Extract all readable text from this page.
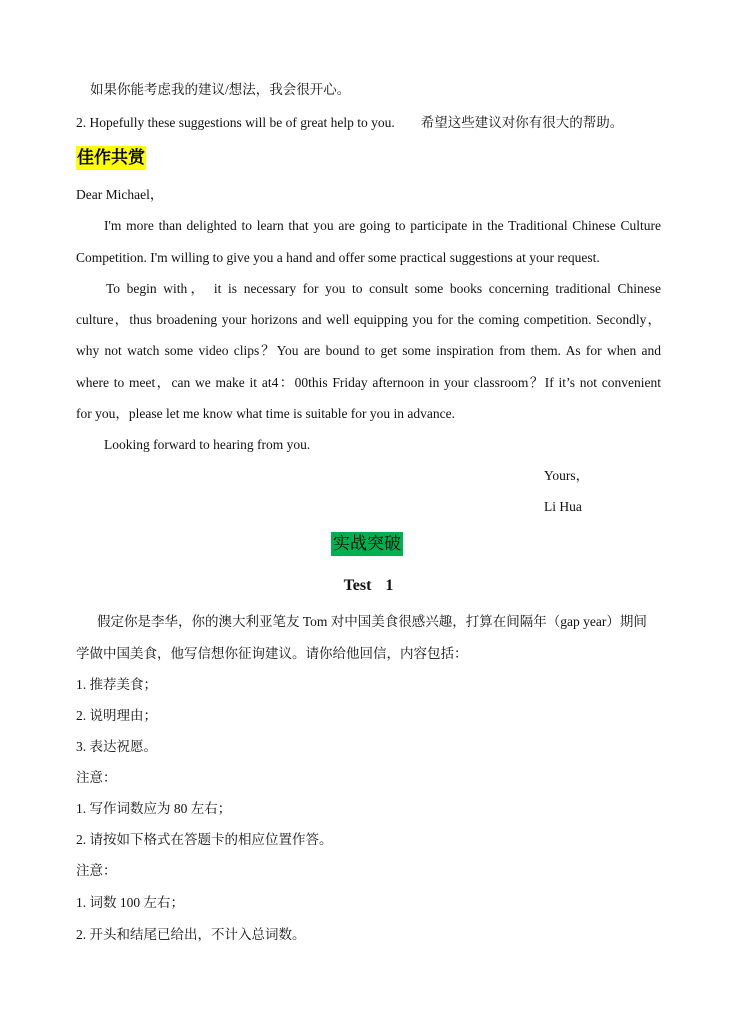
如果你能考虑我的建议/想法，我会很开心。
2. Hopefully these suggestions will be of great help to you. 希望这些建议对你有很大的帮助。
佳作共赏
Dear Michael，
I'm more than delighted to learn that you are going to participate in the Traditional Chinese Culture
Competition. I'm willing to give you a hand and offer some practical suggestions at your request.
To begin with， it is necessary for you to consult some books concerning traditional Chinese
culture，thus broadening your horizons and well equipping you for the coming competition. Secondly，
why not watch some video clips？You are bound to get some inspiration from them. As for when and
where to meet，can we make it at4：00this Friday afternoon in your classroom？If it’s not convenient
for you，please let me know what time is suitable for you in advance.
Looking forward to hearing from you.
Yours，
Li Hua
实战突破
Test 1
假定你是李华，你的澳大利亚笔友 Tom 对中国美食很感兴趣，打算在间隔年（gap year）期间
学做中国美食，他写信想你征询建议。请你给他回信，内容包括：
1. 推荐美食；
2. 说明理由；
3. 表达祝愿。
注意：
1. 写作词数应为 80 左右；
2. 请按如下格式在答题卡的相应位置作答。
注意：
1. 词数 100 左右；
2. 开头和结尾已给出，不计入总词数。
